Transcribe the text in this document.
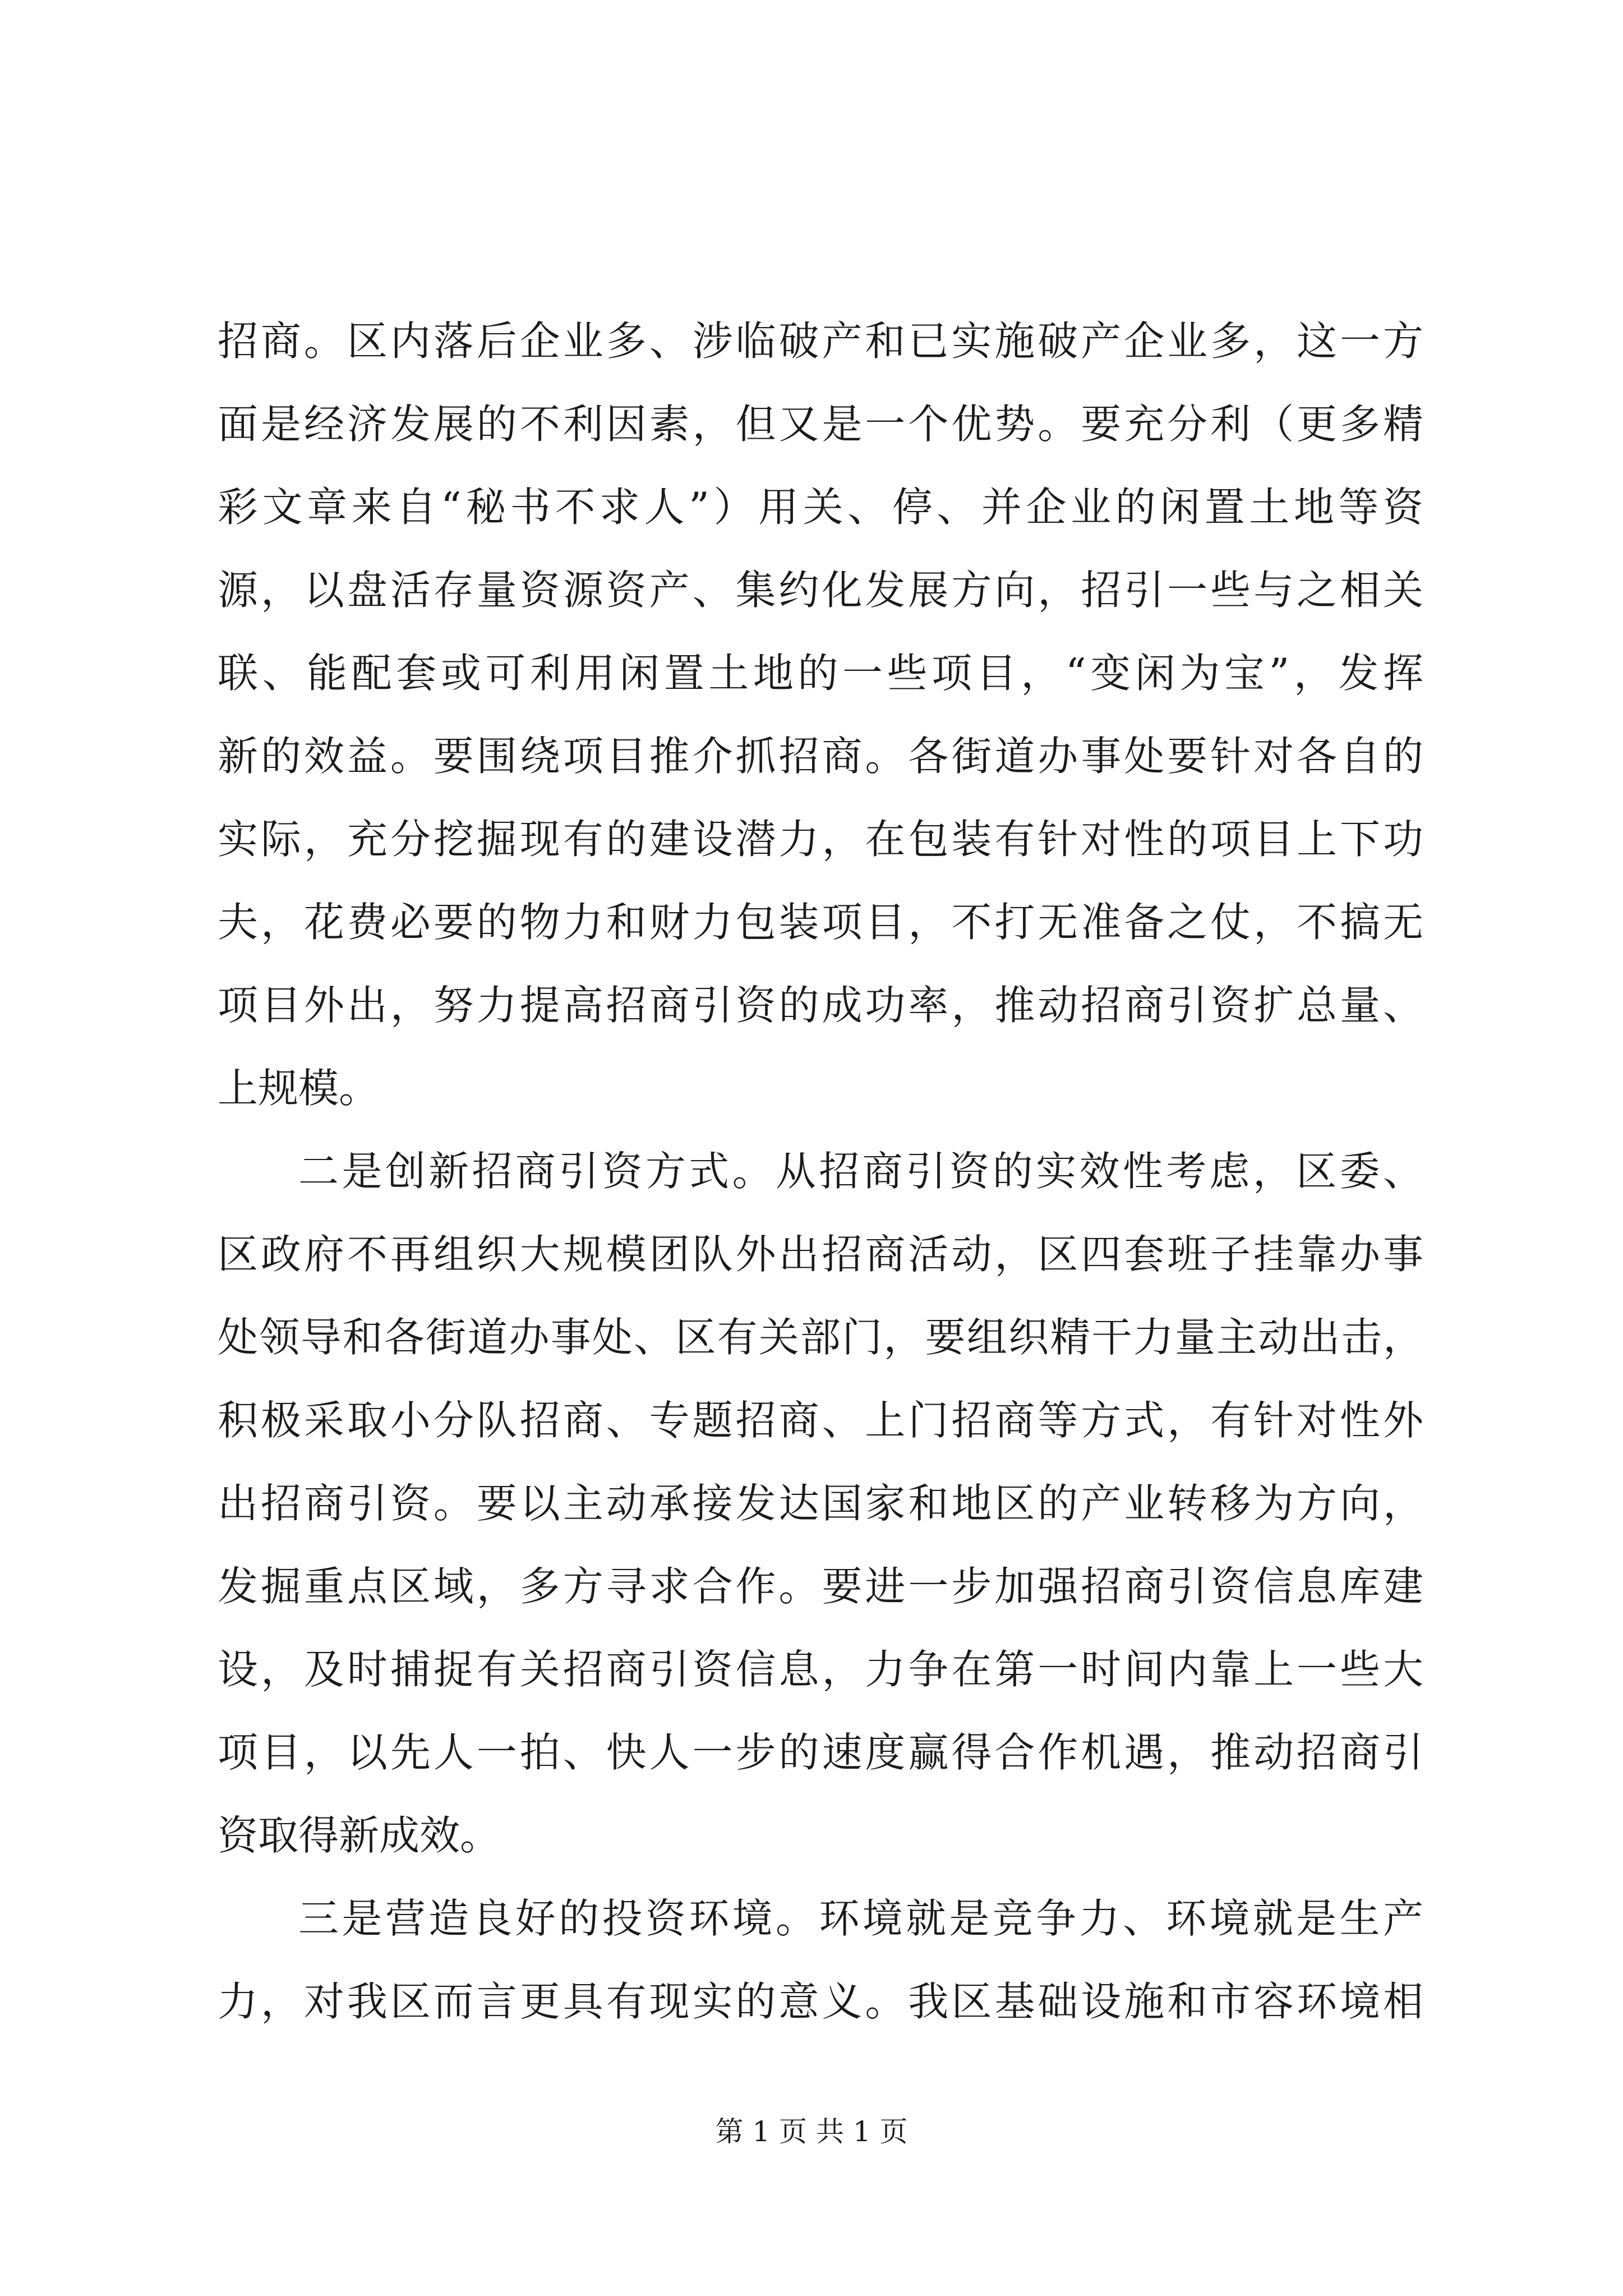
招商。区内落后企业多、涉临破产和已实施破产企业多，这一方
面是经济发展的不利因素，但又是一个优势。要充分利（更多精
彩文章来自“秘书不求人”）用关、停、并企业的闲置土地等资
源，以盘活存量资源资产、集约化发展方向，招引一些与之相关
联、能配套或可利用闲置土地的一些项目，“变闲为宝”，发挥
新的效益。要围绕项目推介抓招商。各街道办事处要针对各自的
实际，充分挖掘现有的建设潜力，在包装有针对性的项目上下功
夫，花费必要的物力和财力包装项目，不打无准备之仗，不搞无
项目外出，努力提高招商引资的成功率，推动招商引资扩总量、
上规模。
二是创新招商引资方式。从招商引资的实效性考虑，区委、
区政府不再组织大规模团队外出招商活动，区四套班子挂靠办事
处领导和各街道办事处、区有关部门，要组织精干力量主动出击，
积极采取小分队招商、专题招商、上门招商等方式，有针对性外
出招商引资。要以主动承接发达国家和地区的产业转移为方向，
发掘重点区域，多方寻求合作。要进一步加强招商引资信息库建
设，及时捕捉有关招商引资信息，力争在第一时间内靠上一些大
项目，以先人一拍、快人一步的速度赢得合作机遇，推动招商引
资取得新成效。
三是营造良好的投资环境。环境就是竞争力、环境就是生产
力，对我区而言更具有现实的意义。我区基础设施和市容环境相
第 1 页 共 1 页
